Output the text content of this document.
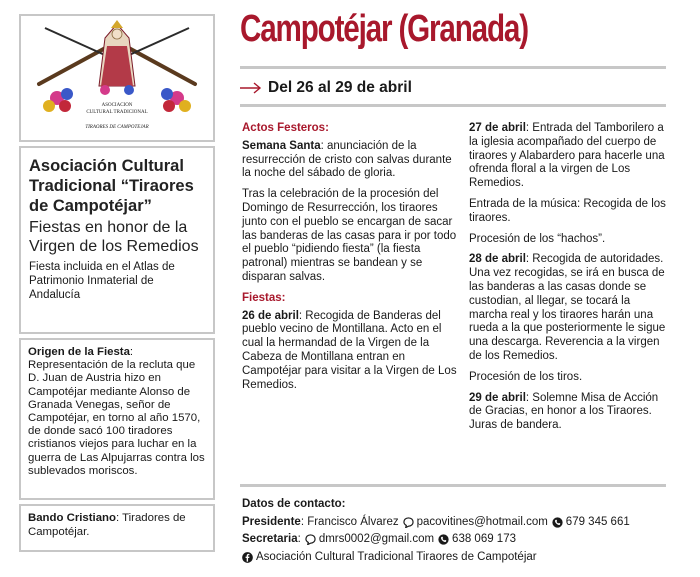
ASOCIACION
CULTURAL TRADICIONAL
TIRAORES DE CAMPOTEJAR
Asociación Cultural Tradicional “Tiraores de Campotéjar”
Fiestas en honor de la Virgen de los Remedios
Fiesta incluida en el Atlas de Patrimonio Inmaterial de Andalucía
Origen de la Fiesta: Representación de la recluta que D. Juan de Austria hizo en Campotéjar mediante Alonso de Granada Venegas, señor de Campotéjar, en torno al año 1570, de donde sacó 100 tiradores cristianos viejos para luchar en la guerra de Las Alpujarras contra los sublevados moriscos.
Bando Cristiano: Tiradores de Campotéjar.
Campotéjar (Granada)
Del 26 al 29 de abril
Actos Festeros:

Semana Santa: anunciación de la resurrección de cristo con salvas durante la noche del sábado de gloria.

Tras la celebración de la procesión del Domingo de Resurrección, los tiraores junto con el pueblo se encargan de sacar las banderas de las casas para ir por todo el pueblo “pidiendo fiesta” (la fiesta patronal) mientras se bandean y se disparan salvas.

Fiestas:

26 de abril: Recogida de Banderas del pueblo vecino de Montillana. Acto en el cual la hermandad de la Virgen de la Cabeza de Montillana entran en Campotéjar para visitar a la Virgen de Los Remedios.

27 de abril: Entrada del Tamborilero a la iglesia acompañado del cuerpo de tiraores y Alabardero para hacerle una ofrenda floral a la virgen de Los Remedios.

Entrada de la música: Recogida de los tiraores.

Procesión de los “hachos”.

28 de abril: Recogida de autoridades. Una vez recogidas, se irá en busca de las banderas a las casas donde se custodian, al llegar, se tocará la marcha real y los tiraores harán una rueda a la que posteriormente le sigue una descarga. Reverencia a la virgen de los Remedios.

Procesión de los tiros.

29 de abril: Solemne Misa de Acción de Gracias, en honor a los Tiraores. Juras de bandera.

Datos de contacto:
Presidente : Francisco Álvarez pacovitines@hotmail.com 679 345 661
Secretaria : dmrs0002@gmail.com 638 069 173
Asociación Cultural Tradicional Tiraores de Campotéjar
